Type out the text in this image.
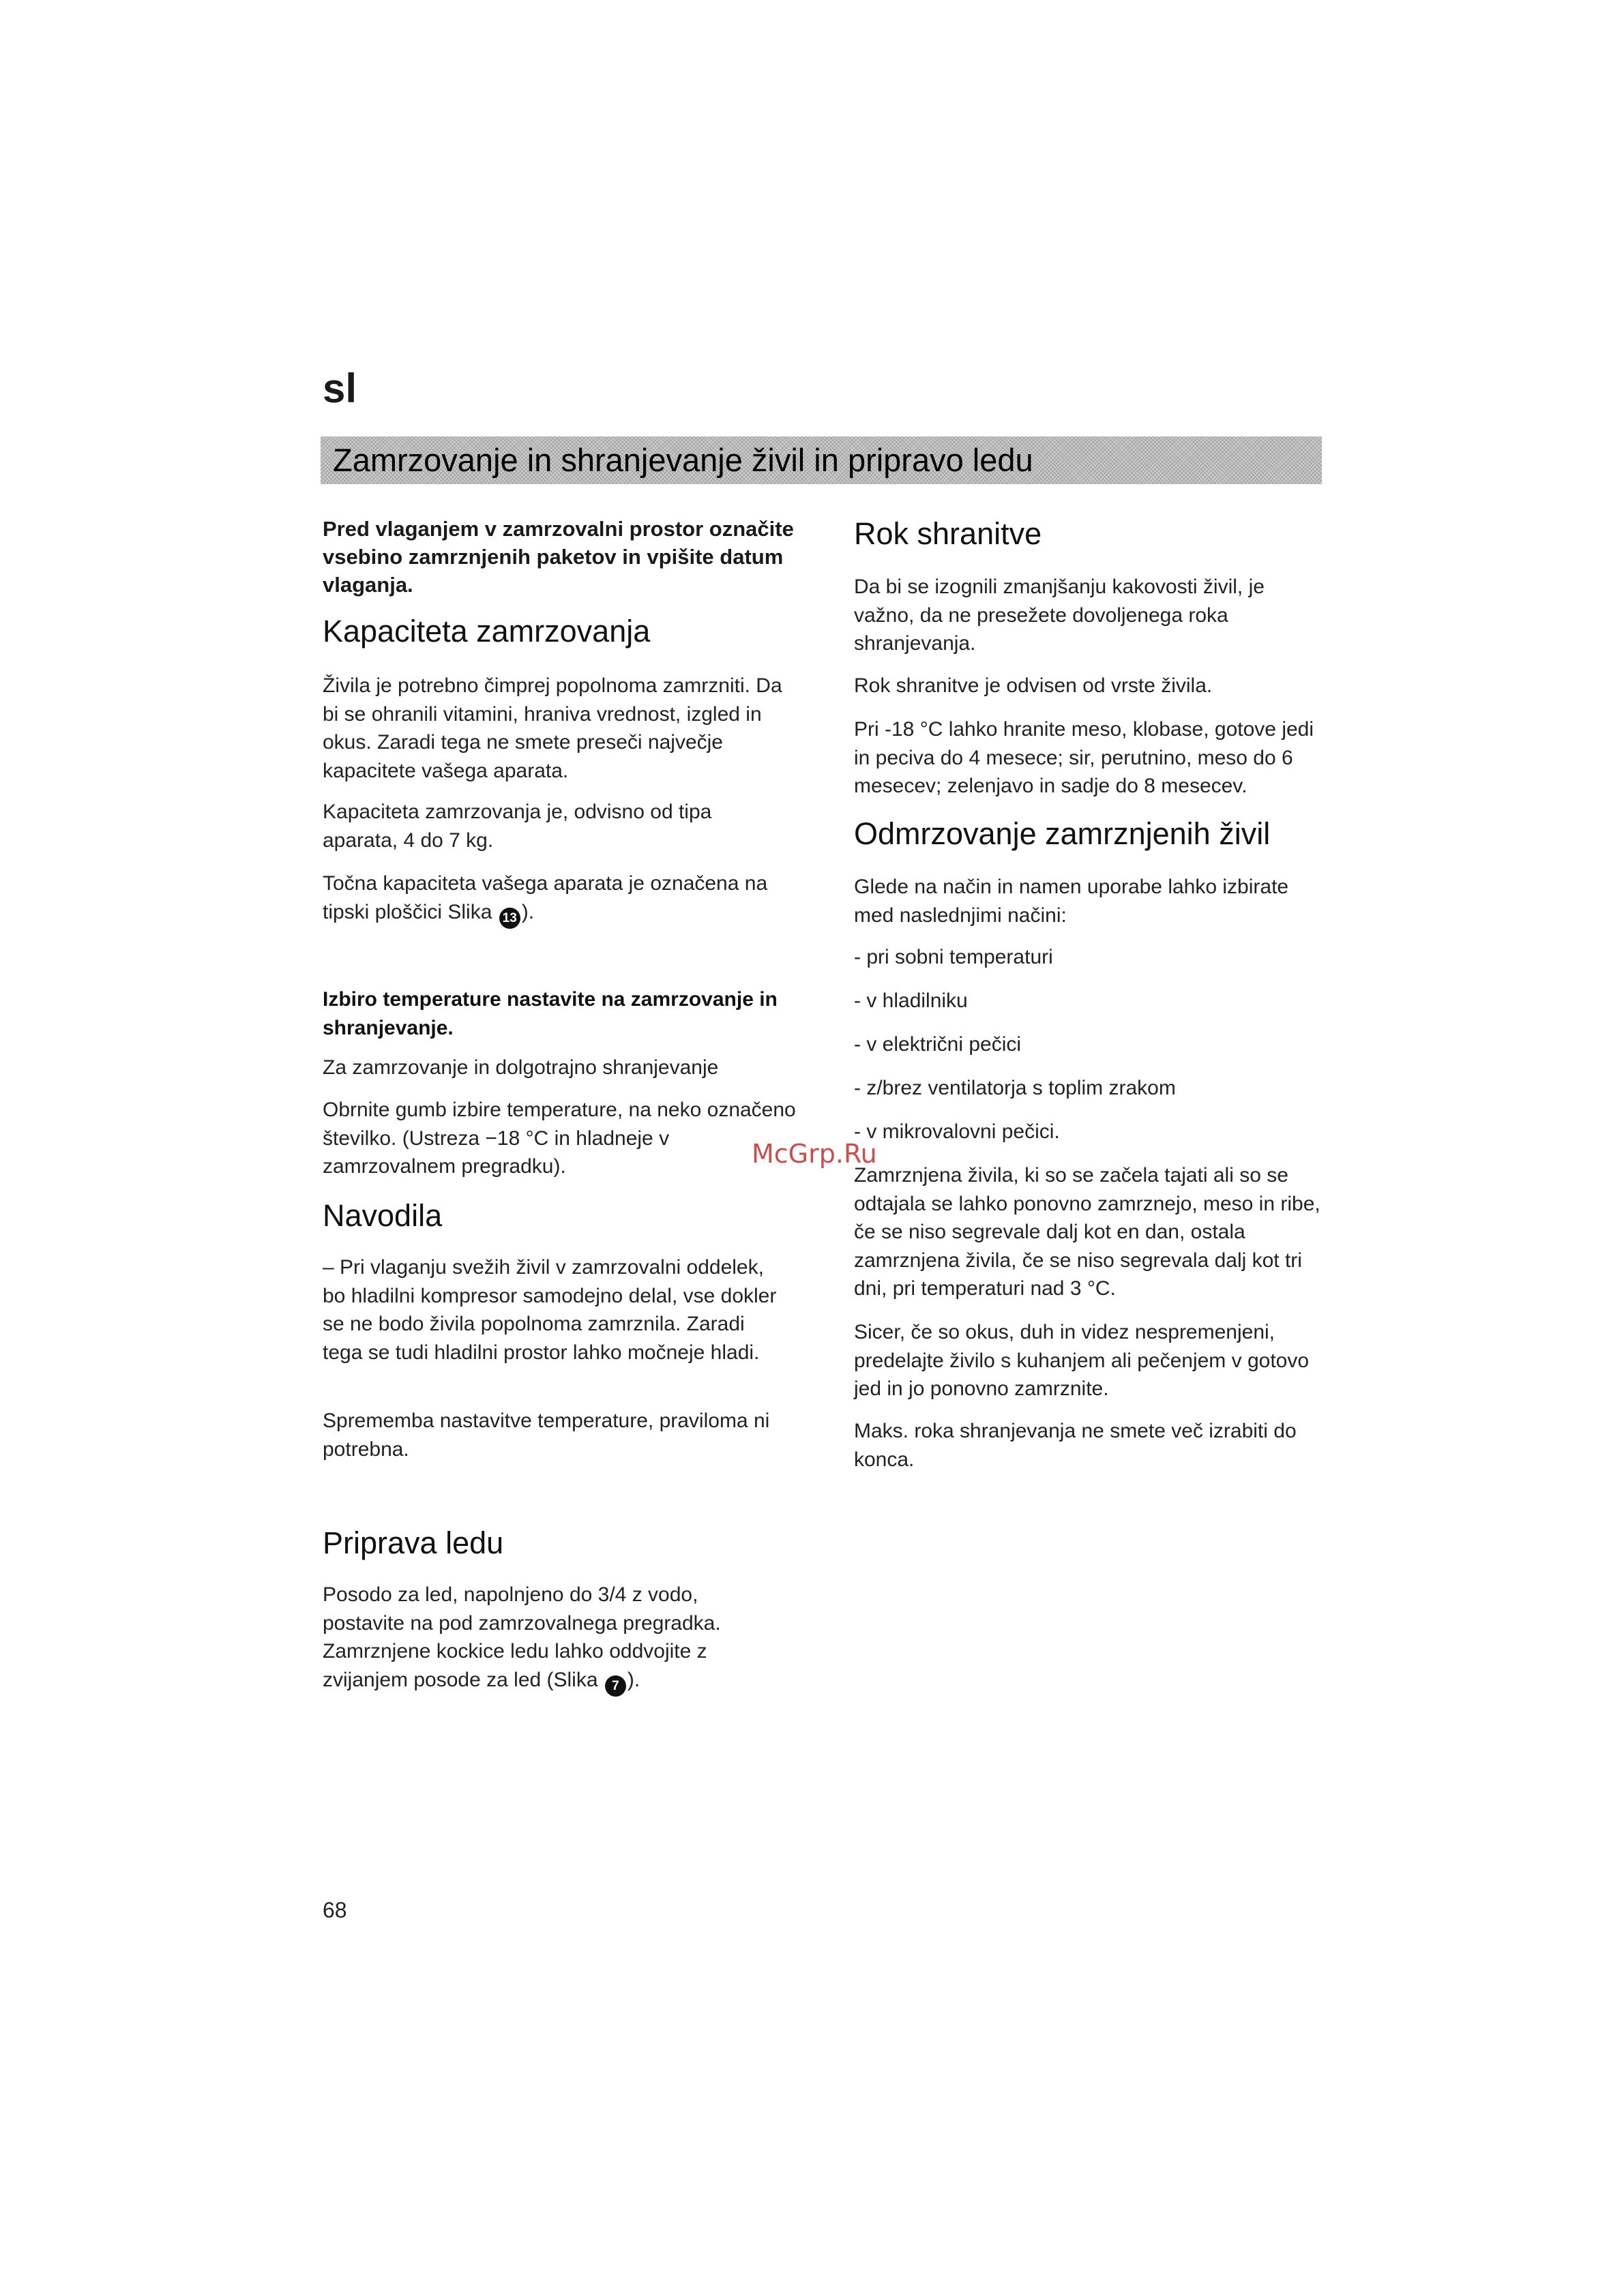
sl
Zamrzovanje in shranjevanje živil in pripravo ledu

Pred vlaganjem v zamrzovalni prostor označite vsebino zamrznjenih paketov in vpišite datum vlaganja.

Kapaciteta zamrzovanja

Živila je potrebno čimprej popolnoma zamrzniti. Da bi se ohranili vitamini, hraniva vrednost, izgled in okus. Zaradi tega ne smete preseči največje kapacitete vašega aparata.

Kapaciteta zamrzovanja je, odvisno od tipa aparata, 4 do 7 kg.

Točna kapaciteta vašega aparata je označena na tipski ploščici Slika 13 ).

Izbiro temperature nastavite na zamrzovanje in shranjevanje.

Za zamrzovanje in dolgotrajno shranjevanje

Obrnite gumb izbire temperature, na neko označeno številko. (Ustreza −18 °C in hladneje v zamrzovalnem pregradku).

Navodila

– Pri vlaganju svežih živil v zamrzovalni oddelek, bo hladilni kompresor samodejno delal, vse dokler se ne bodo živila popolnoma zamrznila. Zaradi tega se tudi hladilni prostor lahko močneje hladi.

Sprememba nastavitve temperature, praviloma ni potrebna.

Priprava ledu

Posodo za led, napolnjeno do 3/4 z vodo, postavite na pod zamrzovalnega pregradka. Zamrznjene kockice ledu lahko oddvojite z zvijanjem posode za led (Slika 7 ).

Rok shranitve

Da bi se izognili zmanjšanju kakovosti živil, je važno, da ne presežete dovoljenega roka shranjevanja.

Rok shranitve je odvisen od vrste živila.

Pri -18 °C lahko hranite meso, klobase, gotove jedi in peciva do 4 mesece; sir, perutnino, meso do 6 mesecev; zelenjavo in sadje do 8 mesecev.

Odmrzovanje zamrznjenih živil

Glede na način in namen uporabe lahko izbirate med naslednjimi načini:

- pri sobni temperaturi

- v hladilniku

- v električni pečici

- z/brez ventilatorja s toplim zrakom

- v mikrovalovni pečici.

Zamrznjena živila, ki so se začela tajati ali so se odtajala se lahko ponovno zamrznejo, meso in ribe, če se niso segrevale dalj kot en dan, ostala zamrznjena živila, če se niso segrevala dalj kot tri dni, pri temperaturi nad 3 °C.

Sicer, če so okus, duh in videz nespremenjeni, predelajte živilo s kuhanjem ali pečenjem v gotovo jed in jo ponovno zamrznite.

Maks. roka shranjevanja ne smete več izrabiti do konca.

McGrp.Ru
68
